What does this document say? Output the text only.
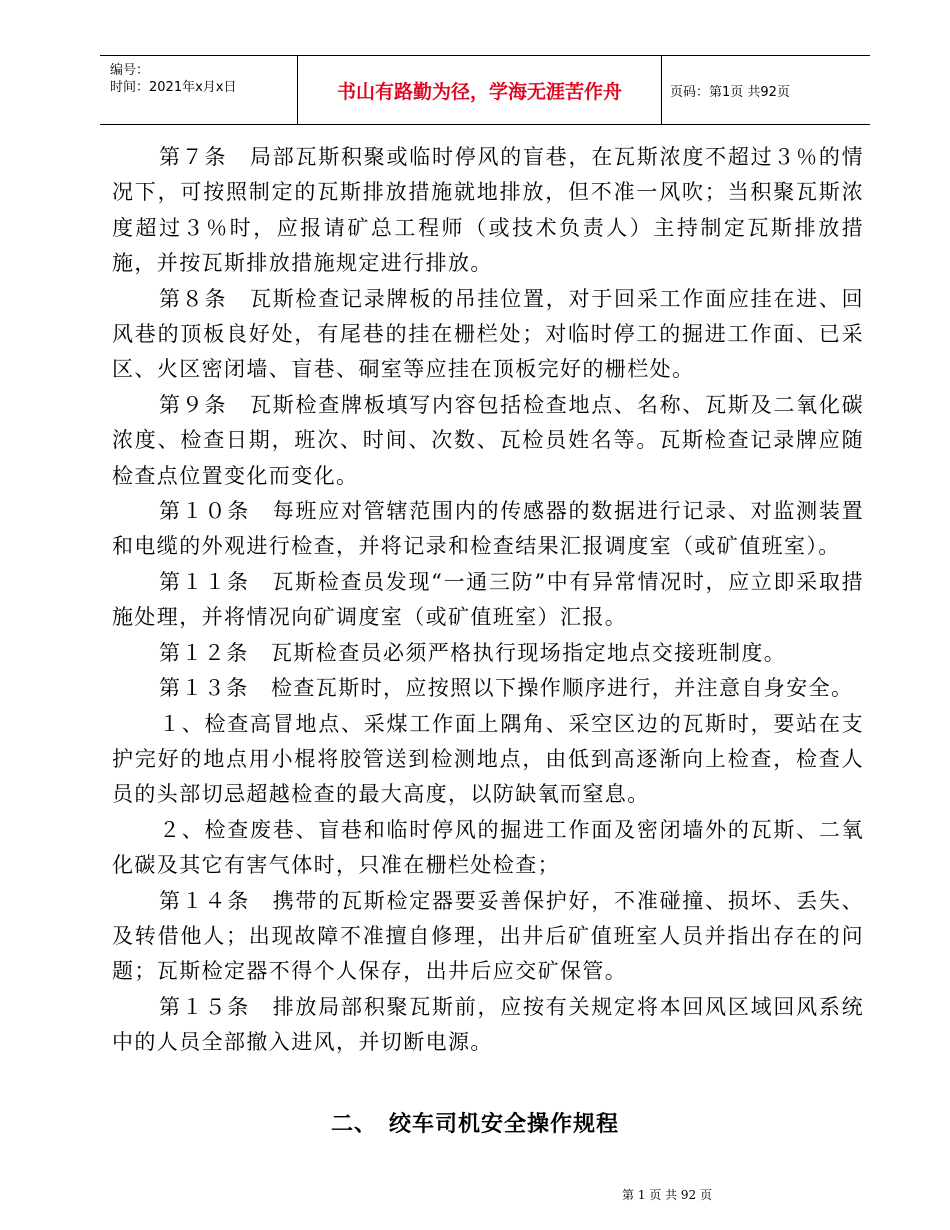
编号：
时间：2021年x月x日	书山有路勤为径，学海无涯苦作舟	页码：第1页 共92页

第７条　局部瓦斯积聚或临时停风的盲巷，在瓦斯浓度不超过３％的情况下，可按照制定的瓦斯排放措施就地排放，但不准一风吹；当积聚瓦斯浓度超过３％时，应报请矿总工程师（或技术负责人）主持制定瓦斯排放措施，并按瓦斯排放措施规定进行排放。

第８条　瓦斯检查记录牌板的吊挂位置，对于回采工作面应挂在进、回风巷的顶板良好处，有尾巷的挂在栅栏处；对临时停工的掘进工作面、已采区、火区密闭墙、盲巷、硐室等应挂在顶板完好的栅栏处。

第９条　瓦斯检查牌板填写内容包括检查地点、名称、瓦斯及二氧化碳浓度、检查日期，班次、时间、次数、瓦检员姓名等。瓦斯检查记录牌应随检查点位置变化而变化。

第１０条　每班应对管辖范围内的传感器的数据进行记录、对监测装置和电缆的外观进行检查，并将记录和检查结果汇报调度室（或矿值班室）。

第１１条　瓦斯检查员发现“一通三防”中有异常情况时，应立即采取措施处理，并将情况向矿调度室（或矿值班室）汇报。

第１２条　瓦斯检查员必须严格执行现场指定地点交接班制度。

第１３条　检查瓦斯时，应按照以下操作顺序进行，并注意自身安全。

１、检查高冒地点、采煤工作面上隅角、采空区边的瓦斯时，要站在支护完好的地点用小棍将胶管送到检测地点，由低到高逐渐向上检查，检查人员的头部切忌超越检查的最大高度，以防缺氧而窒息。

２、检查废巷、盲巷和临时停风的掘进工作面及密闭墙外的瓦斯、二氧化碳及其它有害气体时，只准在栅栏处检查；

第１４条　携带的瓦斯检定器要妥善保护好，不准碰撞、损坏、丢失、及转借他人；出现故障不准擅自修理，出井后矿值班室人员并指出存在的问题；瓦斯检定器不得个人保存，出井后应交矿保管。

第１５条　排放局部积聚瓦斯前，应按有关规定将本回风区域回风系统中的人员全部撤入进风，并切断电源。

二、　绞车司机安全操作规程
第 1 页 共 92 页
